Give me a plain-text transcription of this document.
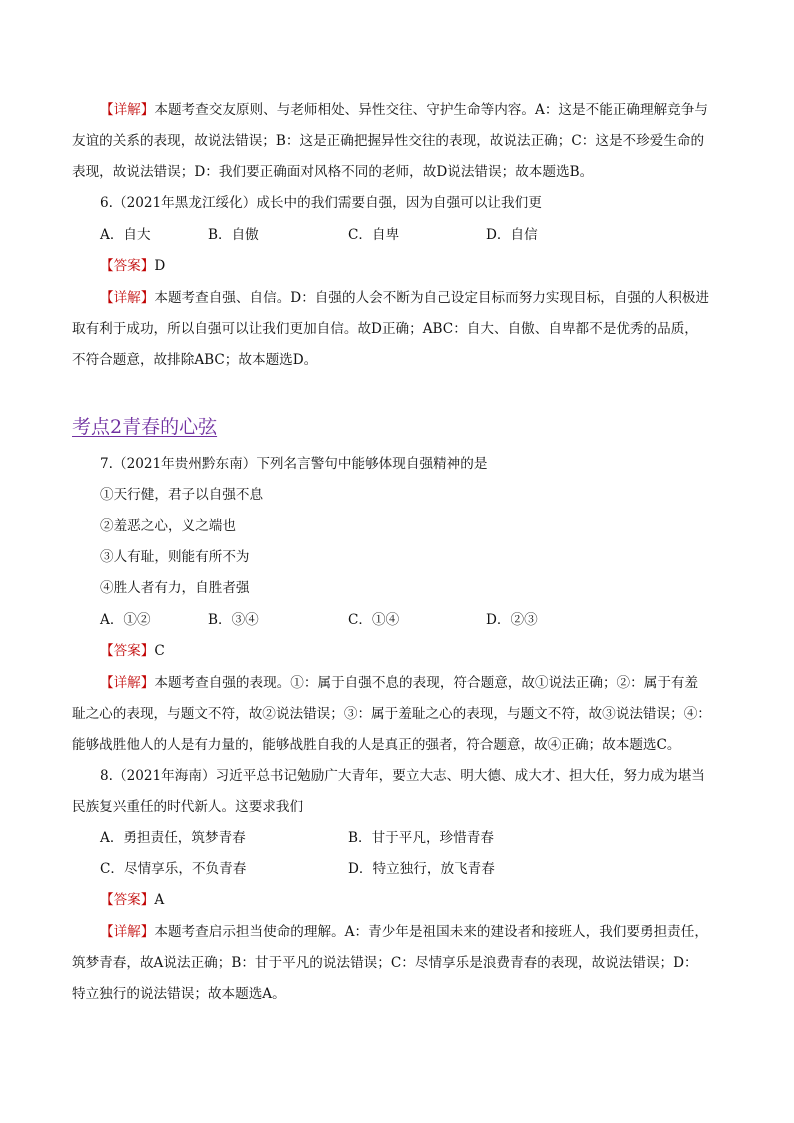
【详解】本题考查交友原则、与老师相处、异性交往、守护生命等内容。A：这是不能正确理解竞争与
友谊的关系的表现，故说法错误；B：这是正确把握异性交往的表现，故说法正确；C：这是不珍爱生命的
表现，故说法错误；D：我们要正确面对风格不同的老师，故D说法错误；故本题选B。
6.（2021年黑龙江绥化）成长中的我们需要自强，因为自强可以让我们更
A．自大	B．自傲	C．自卑	D．自信
【答案】D
【详解】本题考查自强、自信。D：自强的人会不断为自己设定目标而努力实现目标，自强的人积极进
取有利于成功，所以自强可以让我们更加自信。故D正确；ABC：自大、自傲、自卑都不是优秀的品质，
不符合题意，故排除ABC；故本题选D。
考点2青春的心弦
7.（2021年贵州黔东南）下列名言警句中能够体现自强精神的是
①天行健，君子以自强不息
②羞恶之心，义之端也
③人有耻，则能有所不为
④胜人者有力，自胜者强
A．①②	B．③④	C．①④	D．②③
【答案】C
【详解】本题考查自强的表现。①：属于自强不息的表现，符合题意，故①说法正确；②：属于有羞
耻之心的表现，与题文不符，故②说法错误；③：属于羞耻之心的表现，与题文不符，故③说法错误；④：
能够战胜他人的人是有力量的，能够战胜自我的人是真正的强者，符合题意，故④正确；故本题选C。
8.（2021年海南）习近平总书记勉励广大青年，要立大志、明大德、成大才、担大任，努力成为堪当
民族复兴重任的时代新人。这要求我们
A．勇担责任，筑梦青春	B．甘于平凡，珍惜青春
C．尽情享乐，不负青春	D．特立独行，放飞青春
【答案】A
【详解】本题考查启示担当使命的理解。A：青少年是祖国未来的建设者和接班人，我们要勇担责任，
筑梦青春，故A说法正确；B：甘于平凡的说法错误；C：尽情享乐是浪费青春的表现，故说法错误；D：
特立独行的说法错误；故本题选A。
